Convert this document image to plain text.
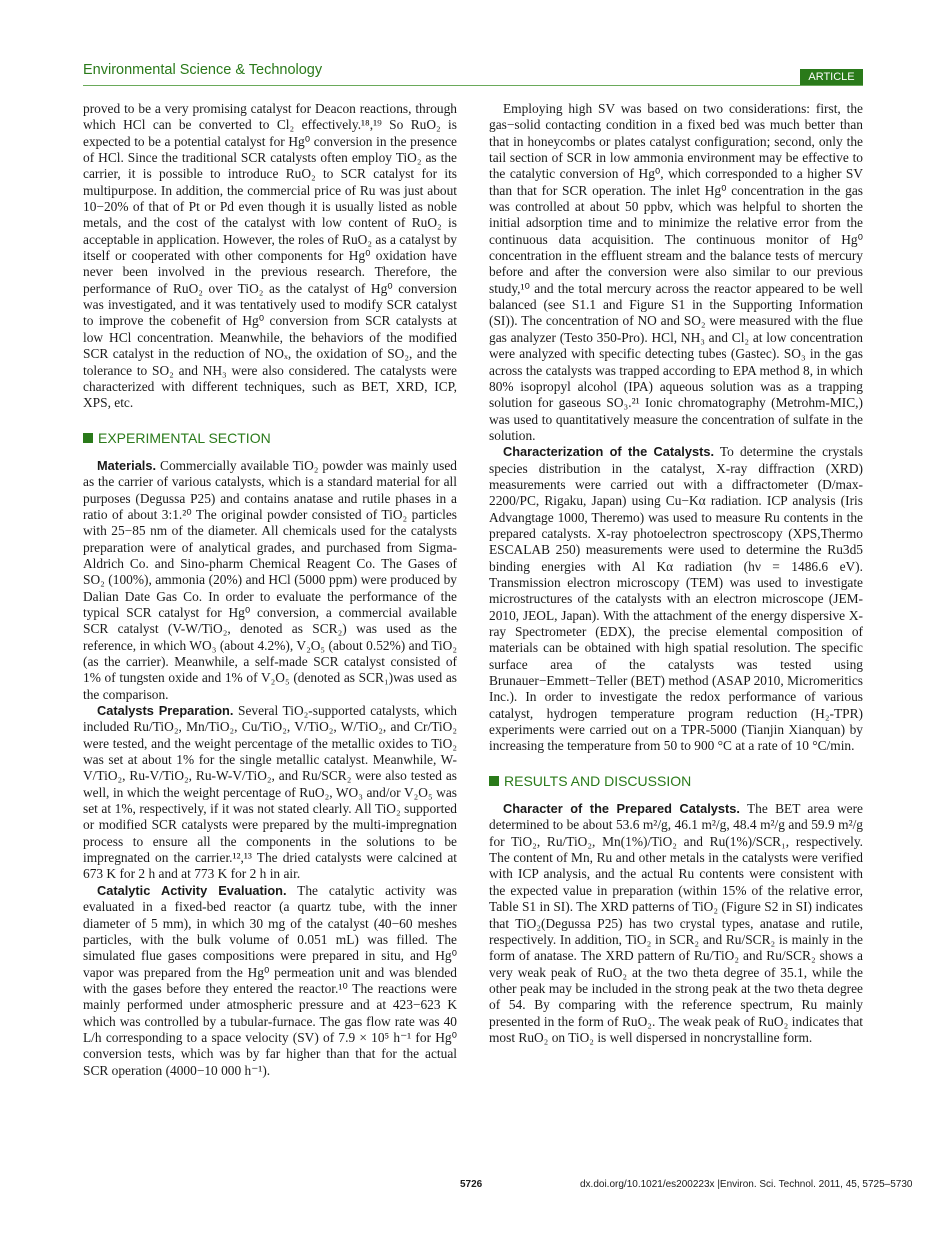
Environmental Science & Technology	ARTICLE

proved to be a very promising catalyst for Deacon reactions, through which HCl can be converted to Cl₂ effectively.¹⁸,¹⁹ So RuO₂ is expected to be a potential catalyst for Hg⁰ conversion in the presence of HCl. Since the traditional SCR catalysts often employ TiO₂ as the carrier, it is possible to introduce RuO₂ to SCR catalyst for its multipurpose. In addition, the commercial price of Ru was just about 10−20% of that of Pt or Pd even though it is usually listed as noble metals, and the cost of the catalyst with low content of RuO₂ is acceptable in application. However, the roles of RuO₂ as a catalyst by itself or cooperated with other components for Hg⁰ oxidation have never been involved in the previous research. Therefore, the performance of RuO₂ over TiO₂ as the catalyst of Hg⁰ conversion was investigated, and it was tentatively used to modify SCR catalyst to improve the cobenefit of Hg⁰ conversion from SCR catalysts at low HCl concentration. Meanwhile, the behaviors of the modified SCR catalyst in the reduction of NOₓ, the oxidation of SO₂, and the tolerance to SO₂ and NH₃ were also considered. The catalysts were characterized with different techniques, such as BET, XRD, ICP, XPS, etc.

EXPERIMENTAL SECTION

Materials. Commercially available TiO₂ powder was mainly used as the carrier of various catalysts, which is a standard material for all purposes (Degussa P25) and contains anatase and rutile phases in a ratio of about 3:1.²⁰ The original powder consisted of TiO₂ particles with 25−85 nm of the diameter. All chemicals used for the catalysts preparation were of analytical grades, and purchased from Sigma-Aldrich Co. and Sino-pharm Chemical Reagent Co. The Gases of SO₂ (100%), ammonia (20%) and HCl (5000 ppm) were produced by Dalian Date Gas Co. In order to evaluate the performance of the typical SCR catalyst for Hg⁰ conversion, a commercial available SCR catalyst (V-W/TiO₂, denoted as SCR₂) was used as the reference, in which WO₃ (about 4.2%), V₂O₅ (about 0.52%) and TiO₂ (as the carrier). Meanwhile, a self-made SCR catalyst consisted of 1% of tungsten oxide and 1% of V₂O₅ (denoted as SCR₁)was used as the comparison.

Catalysts Preparation. Several TiO₂-supported catalysts, which included Ru/TiO₂, Mn/TiO₂, Cu/TiO₂, V/TiO₂, W/TiO₂, and Cr/TiO₂ were tested, and the weight percentage of the metallic oxides to TiO₂ was set at about 1% for the single metallic catalyst. Meanwhile, W-V/TiO₂, Ru-V/TiO₂, Ru-W-V/TiO₂, and Ru/SCR₂ were also tested as well, in which the weight percentage of RuO₂, WO₃ and/or V₂O₅ was set at 1%, respectively, if it was not stated clearly. All TiO₂ supported or modified SCR catalysts were prepared by the multi-impregnation process to ensure all the components in the solutions to be impregnated on the carrier.¹²,¹³ The dried catalysts were calcined at 673 K for 2 h and at 773 K for 2 h in air.

Catalytic Activity Evaluation. The catalytic activity was evaluated in a fixed-bed reactor (a quartz tube, with the inner diameter of 5 mm), in which 30 mg of the catalyst (40−60 meshes particles, with the bulk volume of 0.051 mL) was filled. The simulated flue gases compositions were prepared in situ, and Hg⁰ vapor was prepared from the Hg⁰ permeation unit and was blended with the gases before they entered the reactor.¹⁰ The reactions were mainly performed under atmospheric pressure and at 423−623 K which was controlled by a tubular-furnace. The gas flow rate was 40 L/h corresponding to a space velocity (SV) of 7.9 × 10⁵ h⁻¹ for Hg⁰ conversion tests, which was by far higher than that for the actual SCR operation (4000−10 000 h⁻¹).

Employing high SV was based on two considerations: first, the gas−solid contacting condition in a fixed bed was much better than that in honeycombs or plates catalyst configuration; second, only the tail section of SCR in low ammonia environment may be effective to the catalytic conversion of Hg⁰, which corresponded to a higher SV than that for SCR operation. The inlet Hg⁰ concentration in the gas was controlled at about 50 ppbv, which was helpful to shorten the initial adsorption time and to minimize the relative error from the continuous data acquisition. The continuous monitor of Hg⁰ concentration in the effluent stream and the balance tests of mercury before and after the conversion were also similar to our previous study,¹⁰ and the total mercury across the reactor appeared to be well balanced (see S1.1 and Figure S1 in the Supporting Information (SI)). The concentration of NO and SO₂ were measured with the flue gas analyzer (Testo 350-Pro). HCl, NH₃ and Cl₂ at low concentration were analyzed with specific detecting tubes (Gastec). SO₃ in the gas across the catalysts was trapped according to EPA method 8, in which 80% isopropyl alcohol (IPA) aqueous solution was as a trapping solution for gaseous SO₃.²¹ Ionic chromatography (Metrohm-MIC,) was used to quantitatively measure the concentration of sulfate in the solution.

Characterization of the Catalysts. To determine the crystals species distribution in the catalyst, X-ray diffraction (XRD) measurements were carried out with a diffractometer (D/max-2200/PC, Rigaku, Japan) using Cu−Kα radiation. ICP analysis (Iris Advangtage 1000, Theremo) was used to measure Ru contents in the prepared catalysts. X-ray photoelectron spectroscopy (XPS,Thermo ESCALAB 250) measurements were used to determine the Ru3d5 binding energies with Al Kα radiation (hν = 1486.6 eV). Transmission electron microscopy (TEM) was used to investigate microstructures of the catalysts with an electron microscope (JEM-2010, JEOL, Japan). With the attachment of the energy dispersive X-ray Spectrometer (EDX), the precise elemental composition of materials can be obtained with high spatial resolution. The specific surface area of the catalysts was tested using Brunauer−Emmett−Teller (BET) method (ASAP 2010, Micromeritics Inc.). In order to investigate the redox performance of various catalyst, hydrogen temperature program reduction (H₂-TPR) experiments were carried out on a TPR-5000 (Tianjin Xianquan) by increasing the temperature from 50 to 900 °C at a rate of 10 °C/min.

RESULTS AND DISCUSSION

Character of the Prepared Catalysts. The BET area were determined to be about 53.6 m²/g, 46.1 m²/g, 48.4 m²/g and 59.9 m²/g for TiO₂, Ru/TiO₂, Mn(1%)/TiO₂ and Ru(1%)/SCR₁, respectively. The content of Mn, Ru and other metals in the catalysts were verified with ICP analysis, and the actual Ru contents were consistent with the expected value in preparation (within 15% of the relative error, Table S1 in SI). The XRD patterns of TiO₂ (Figure S2 in SI) indicates that TiO₂(Degussa P25) has two crystal types, anatase and rutile, respectively. In addition, TiO₂ in SCR₂ and Ru/SCR₂ is mainly in the form of anatase. The XRD pattern of Ru/TiO₂ and Ru/SCR₂ shows a very weak peak of RuO₂ at the two theta degree of 35.1, while the other peak may be included in the strong peak at the two theta degree of 54. By comparing with the reference spectrum, Ru mainly presented in the form of RuO₂. The weak peak of RuO₂ indicates that most RuO₂ on TiO₂ is well dispersed in noncrystalline form.

5726	dx.doi.org/10.1021/es200223x |Environ. Sci. Technol. 2011, 45, 5725–5730
